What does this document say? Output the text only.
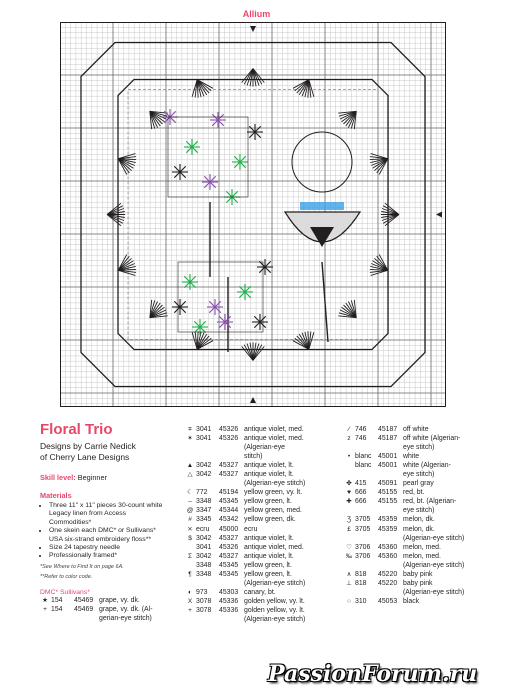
Allium
Floral Trio
Designs by Carrie Nedick
of Cherry Lane Designs
Skill level: Beginner
Materials
• Three 11" x 11" pieces 30-count white Legacy linen from Access Commodities*
• One skein each DMC* or Sullivans* USA six-strand embroidery floss**
• Size 24 tapestry needle
• Professionally framed*
*See Where to Find It on page 6A.
**Refer to color code.
DMC* Sullivans*
★ 154	45469 grape, vy. dk.
+ 154	45469 grape, vy. dk. (Al-
gerian-eye stitch)
⌗ 3041	45326 antique violet, med.
✶ 3041	45326 antique violet, med.
(Algerian-eye
stitch)
▲ 3042	45327 antique violet, lt.
△ 3042	45327 antique violet, lt.
(Algerian-eye stitch)
☾ 772	45194 yellow green, vy. lt.
– 3348	45345 yellow green, lt.
@ 3347	45344 yellow green, med.
# 3345	45342 yellow green, dk.
⨯ ecru	45000 ecru
$ 3042	45327 antique violet, lt.
3041	45326 antique violet, med.
Σ 3042	45327 antique violet, lt.
3348	45345 yellow green, lt.
¶ 3348	45345 yellow green, lt.
(Algerian-eye stitch)
◐ 973	45303 canary, bt.
X 3078	45336 golden yellow, vy. lt.
+ 3078	45336 golden yellow, vy. lt.
(Algerian-eye stitch)
⁄ 746	45187 off white
z 746	45187 off white (Algerian-
eye stitch)
• blanc 45001 white
blanc 45001 white (Algerian-
eye stitch)
✤ 415	45091 pearl gray
♥ 666	45155 red, bt.
✚ 666	45155 red, bt. (Algerian-
eye stitch)
Ʒ 3705	45359 melon, dk.
£ 3705	45359 melon, dk.
(Algerian-eye stitch)
♡ 3706	45360 melon, med.
‰ 3706	45360 melon, med.
(Algerian-eye stitch)
∧ 818	45220 baby pink
⊥ 818	45220 baby pink
(Algerian-eye stitch)
○ 310	45053 black
PassionForum.ru
